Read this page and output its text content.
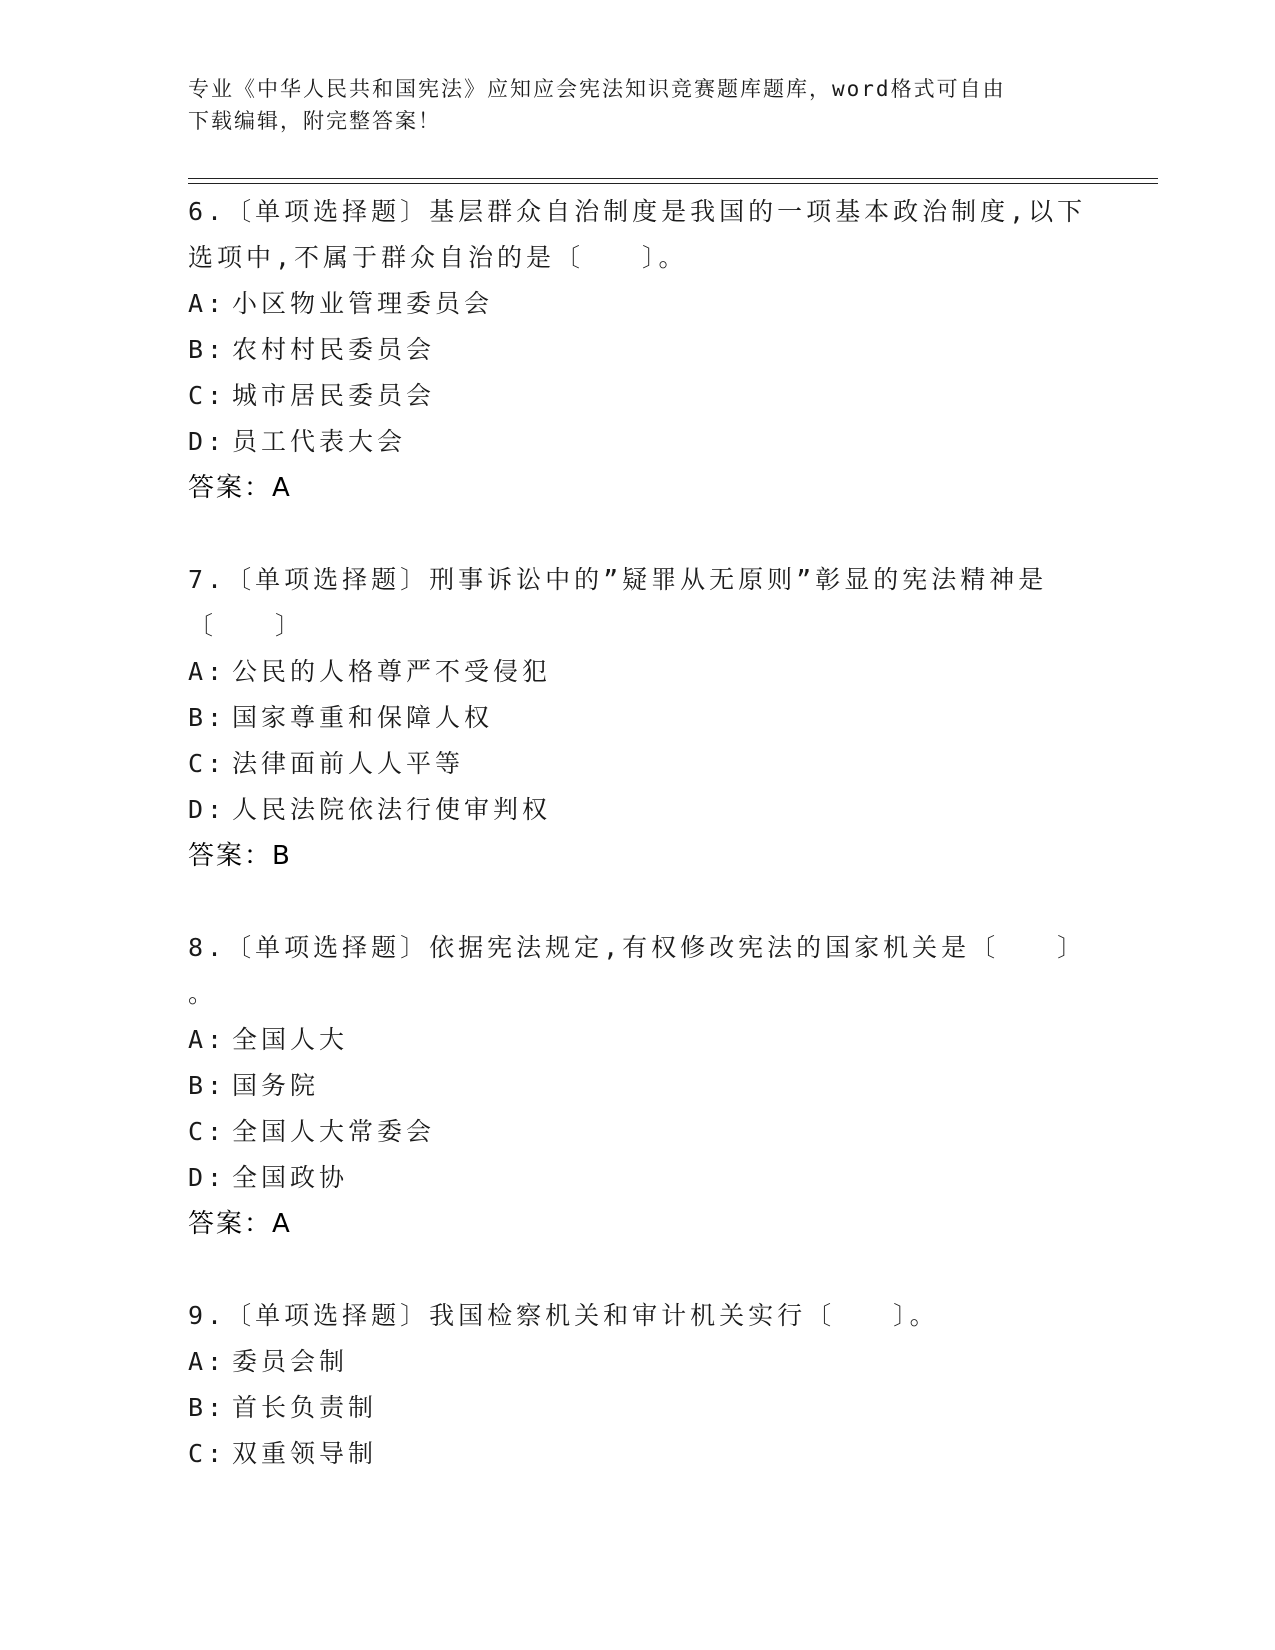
专业《中华人民共和国宪法》应知应会宪法知识竞赛题库题库，word格式可自由
下载编辑，附完整答案！
6.〔单项选择题〕基层群众自治制度是我国的一项基本政治制度,以下
选项中,不属于群众自治的是〔　　〕。
A: 小区物业管理委员会
B: 农村村民委员会
C: 城市居民委员会
D: 员工代表大会
答案：A
7.〔单项选择题〕刑事诉讼中的”疑罪从无原则”彰显的宪法精神是
〔　　〕
A: 公民的人格尊严不受侵犯
B: 国家尊重和保障人权
C: 法律面前人人平等
D: 人民法院依法行使审判权
答案：B
8.〔单项选择题〕依据宪法规定,有权修改宪法的国家机关是〔　　〕
。
A: 全国人大
B: 国务院
C: 全国人大常委会
D: 全国政协
答案：A
9.〔单项选择题〕我国检察机关和审计机关实行〔　　〕。
A: 委员会制
B: 首长负责制
C: 双重领导制
